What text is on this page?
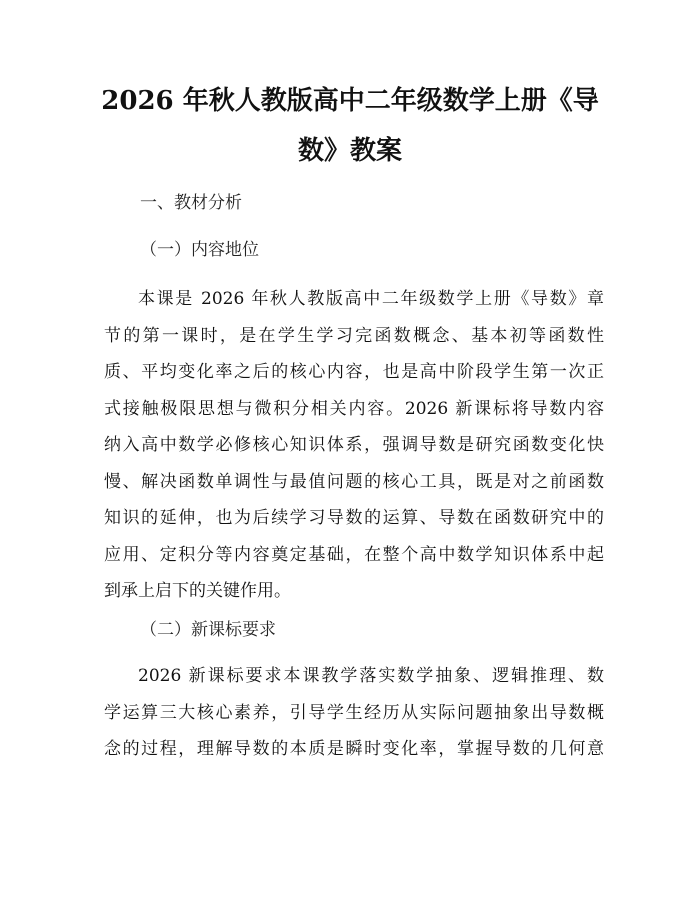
2026 年秋人教版高中二年级数学上册《导
数》教案
一、教材分析
（一）内容地位
本课是 2026 年秋人教版高中二年级数学上册《导数》章
节的第一课时，是在学生学习完函数概念、基本初等函数性
质、平均变化率之后的核心内容，也是高中阶段学生第一次正
式接触极限思想与微积分相关内容。2026 新课标将导数内容
纳入高中数学必修核心知识体系，强调导数是研究函数变化快
慢、解决函数单调性与最值问题的核心工具，既是对之前函数
知识的延伸，也为后续学习导数的运算、导数在函数研究中的
应用、定积分等内容奠定基础，在整个高中数学知识体系中起
到承上启下的关键作用。
（二）新课标要求
2026 新课标要求本课教学落实数学抽象、逻辑推理、数
学运算三大核心素养，引导学生经历从实际问题抽象出导数概
念的过程，理解导数的本质是瞬时变化率，掌握导数的几何意
